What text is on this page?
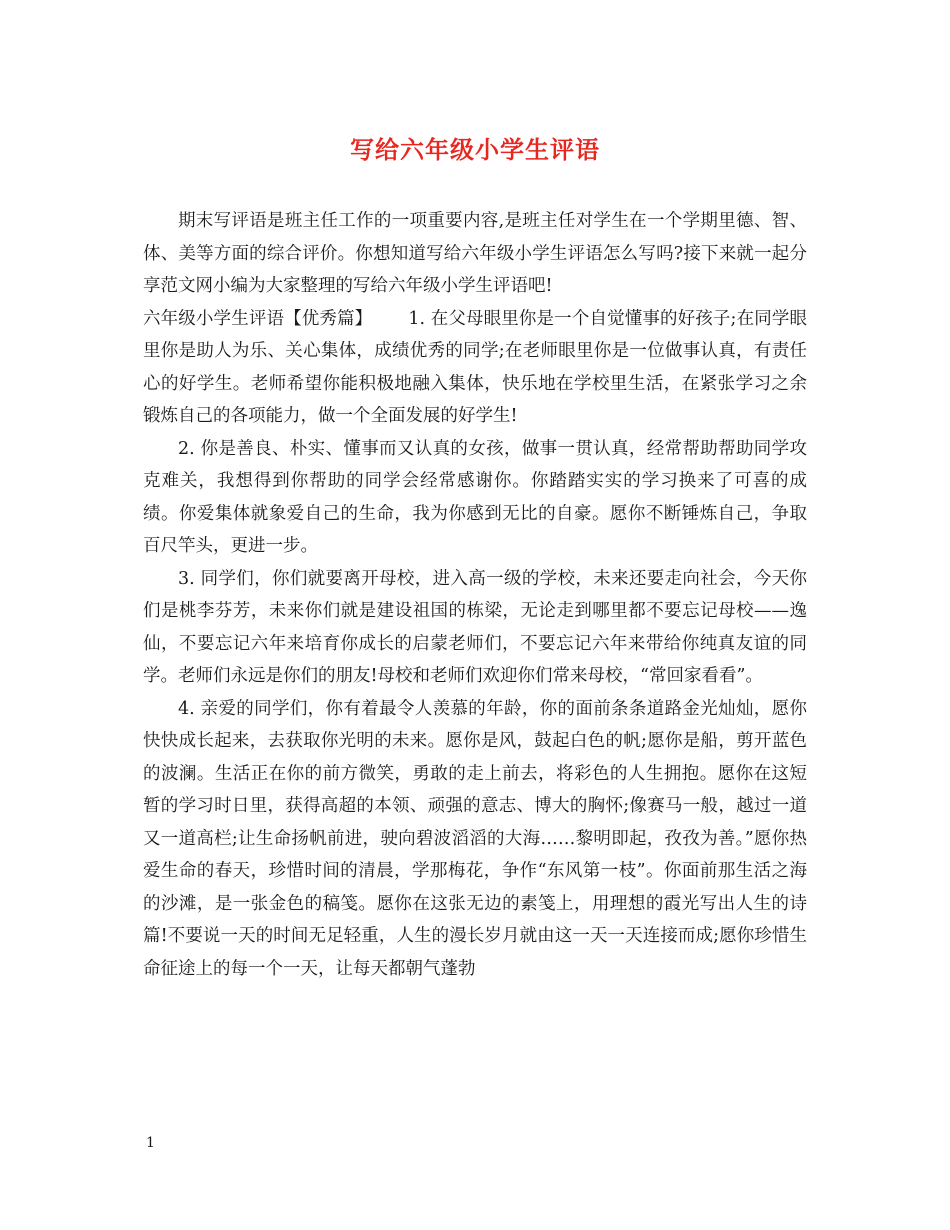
写给六年级小学生评语

期末写评语是班主任工作的一项重要内容,是班主任对学生在一个学期里德、智、体、美等方面的综合评价。你想知道写给六年级小学生评语怎么写吗?接下来就一起分享范文网小编为大家整理的写给六年级小学生评语吧!

六年级小学生评语【优秀篇】 1. 在父母眼里你是一个自觉懂事的好孩子;在同学眼里你是助人为乐、关心集体，成绩优秀的同学;在老师眼里你是一位做事认真，有责任心的好学生。老师希望你能积极地融入集体，快乐地在学校里生活，在紧张学习之余锻炼自己的各项能力，做一个全面发展的好学生!

2. 你是善良、朴实、懂事而又认真的女孩，做事一贯认真，经常帮助帮助同学攻克难关，我想得到你帮助的同学会经常感谢你。你踏踏实实的学习换来了可喜的成绩。你爱集体就象爱自己的生命，我为你感到无比的自豪。愿你不断锤炼自己，争取百尺竿头，更进一步。

3. 同学们，你们就要离开母校，进入高一级的学校，未来还要走向社会，今天你们是桃李芬芳，未来你们就是建设祖国的栋梁，无论走到哪里都不要忘记母校——逸仙，不要忘记六年来培育你成长的启蒙老师们，不要忘记六年来带给你纯真友谊的同学。老师们永远是你们的朋友!母校和老师们欢迎你们常来母校，“常回家看看”。

4. 亲爱的同学们，你有着最令人羡慕的年龄，你的面前条条道路金光灿灿，愿你快快成长起来，去获取你光明的未来。愿你是风，鼓起白色的帆;愿你是船，剪开蓝色的波澜。生活正在你的前方微笑，勇敢的走上前去，将彩色的人生拥抱。愿你在这短暂的学习时日里，获得高超的本领、顽强的意志、博大的胸怀;像赛马一般，越过一道又一道高栏;让生命扬帆前进，驶向碧波滔滔的大海……黎明即起，孜孜为善。”愿你热爱生命的春天，珍惜时间的清晨，学那梅花，争作“东风第一枝”。你面前那生活之海的沙滩，是一张金色的稿笺。愿你在这张无边的素笺上，用理想的霞光写出人生的诗篇!不要说一天的时间无足轻重，人生的漫长岁月就由这一天一天连接而成;愿你珍惜生命征途上的每一个一天，让每天都朝气蓬勃

1
